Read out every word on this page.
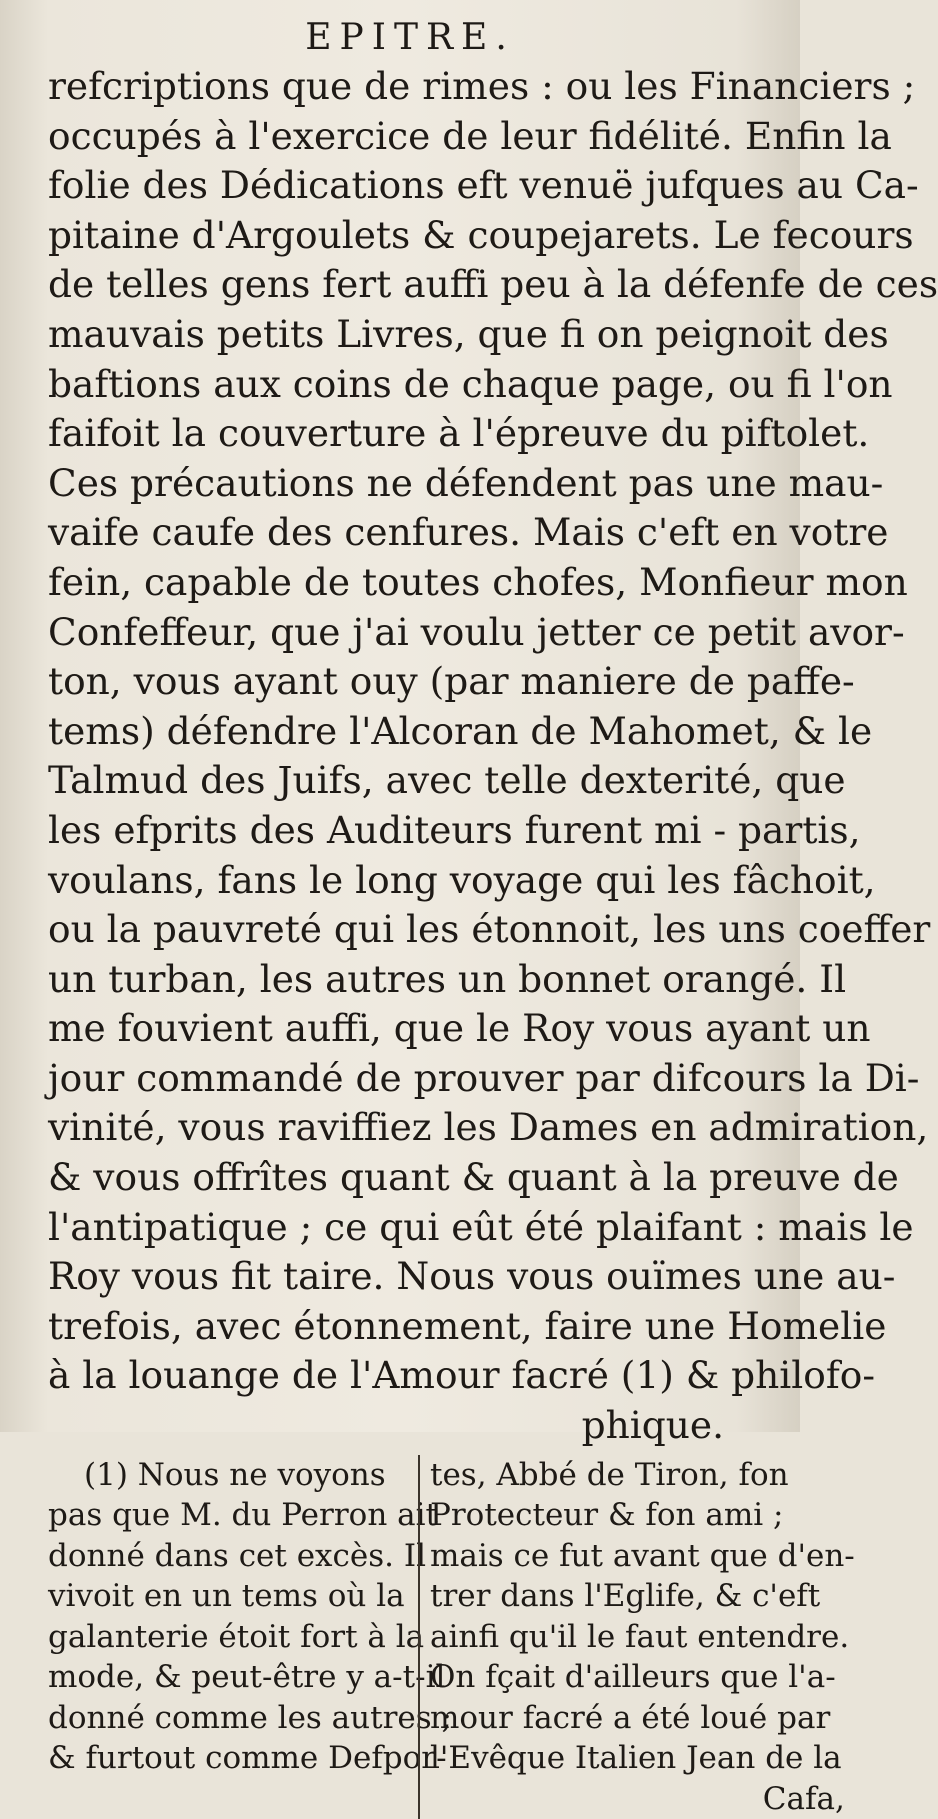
EPITRE.
refcriptions que de rimes : ou les Financiers ;
occupés à l'exercice de leur fidélité. Enfin la
folie des Dédications eft venuë jufques au Ca-
pitaine d'Argoulets & coupejarets. Le fecours
de telles gens fert auffi peu à la défenfe de ces
mauvais petits Livres, que fi on peignoit des
baftions aux coins de chaque page, ou fi l'on
faifoit la couverture à l'épreuve du piftolet.
Ces précautions ne défendent pas une mau-
vaife caufe des cenfures. Mais c'eft en votre
fein, capable de toutes chofes, Monfieur mon
Confeffeur, que j'ai voulu jetter ce petit avor-
ton, vous ayant ouy (par maniere de paffe-
tems) défendre l'Alcoran de Mahomet, & le
Talmud des Juifs, avec telle dexterité, que
les efprits des Auditeurs furent mi - partis,
voulans, fans le long voyage qui les fâchoit,
ou la pauvreté qui les étonnoit, les uns coeffer
un turban, les autres un bonnet orangé. Il
me fouvient auffi, que le Roy vous ayant un
jour commandé de prouver par difcours la Di-
vinité, vous raviffiez les Dames en admiration,
& vous offrîtes quant & quant à la preuve de
l'antipatique ; ce qui eût été plaifant : mais le
Roy vous fit taire. Nous vous ouïmes une au-
trefois, avec étonnement, faire une Homelie
à la louange de l'Amour facré (1) & philofo-
phique.
(1) Nous ne voyons
pas que M. du Perron ait
donné dans cet excès. Il
vivoit en un tems où la
galanterie étoit fort à la
mode, & peut-être y a-t-il
donné comme les autres ;
& furtout comme Defpor-
tes, Abbé de Tiron, fon
Protecteur & fon ami ;
mais ce fut avant que d'en-
trer dans l'Eglife, & c'eft
ainfi qu'il le faut entendre.
On fçait d'ailleurs que l'a-
mour facré a été loué par
l'Evêque Italien Jean de la
Cafa,
